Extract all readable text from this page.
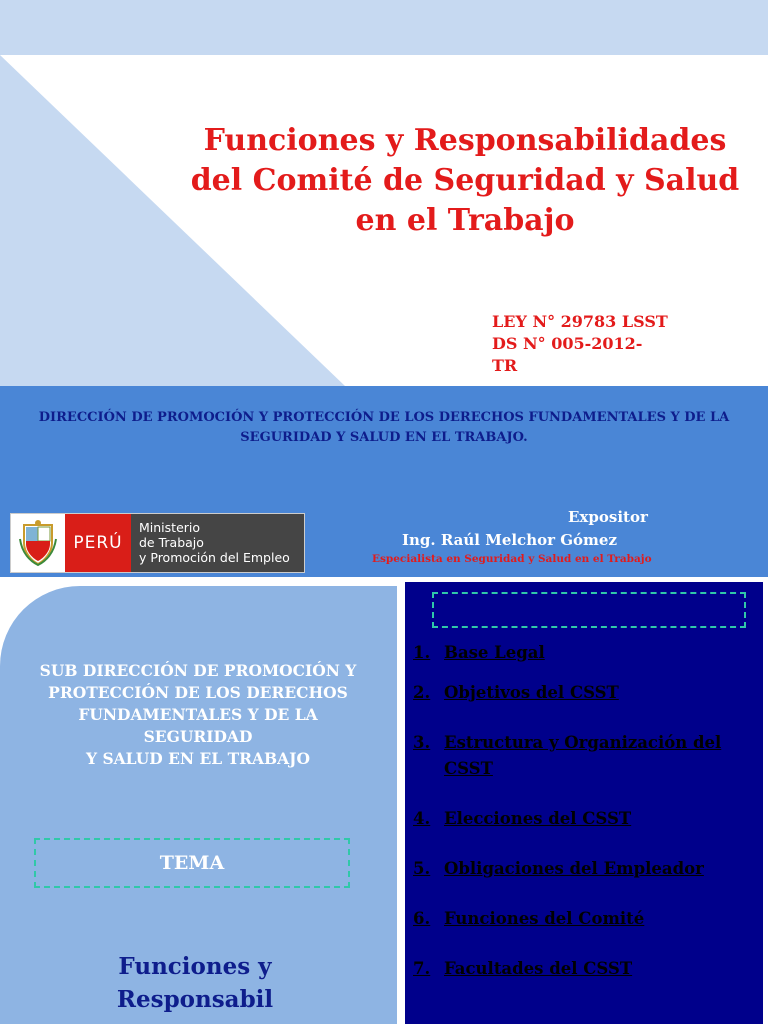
Funciones y Responsabilidades del Comité de Seguridad y Salud en el Trabajo
LEY N° 29783 LSST
DS N° 005-2012-
TR
DIRECCIÓN DE PROMOCIÓN Y PROTECCIÓN DE LOS DERECHOS FUNDAMENTALES Y DE LA SEGURIDAD Y SALUD EN EL TRABAJO.
PERÚ
Ministerio
de Trabajo
y Promoción del Empleo
Expositor
Ing. Raúl Melchor Gómez
Especialista en Seguridad y Salud en el Trabajo
SUB DIRECCIÓN DE PROMOCIÓN Y
PROTECCIÓN DE LOS DERECHOS
FUNDAMENTALES Y DE LA
SEGURIDAD
Y SALUD EN EL TRABAJO
TEMA
Funciones y
Responsabil
1. Base Legal
2. Objetivos del CSST
3. Estructura y Organización del CSST
4. Elecciones del CSST
5. Obligaciones del Empleador
6. Funciones del Comité
7. Facultades del CSST
